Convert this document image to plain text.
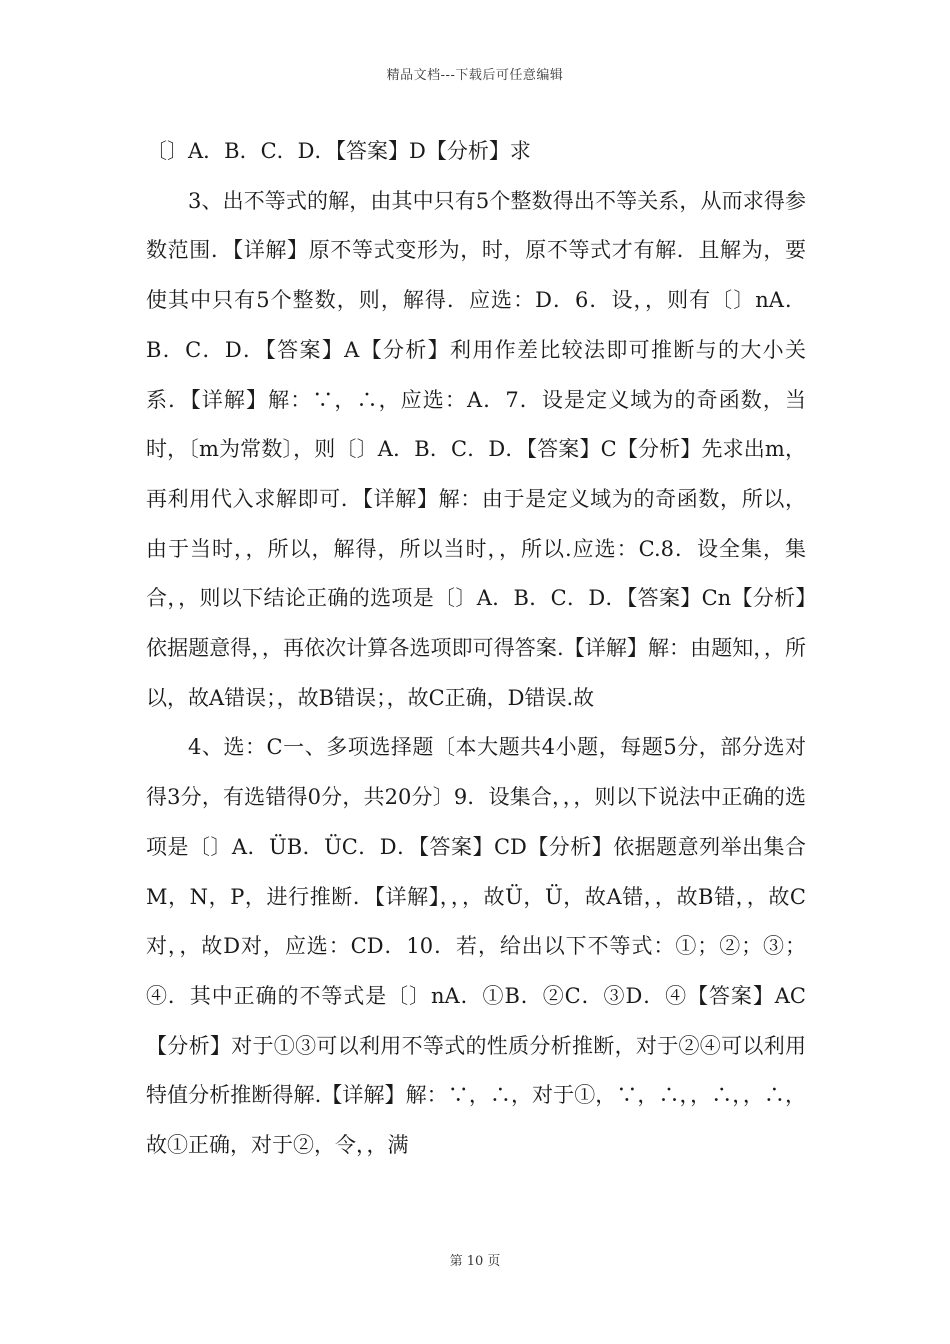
精品文档---下载后可任意编辑

〔〕A．B．C．D．【答案】D【分析】求

3、出不等式的解，由其中只有5个整数得出不等关系，从而求得参数范围．【详解】原不等式变形为，时，原不等式才有解．且解为，要使其中只有5个整数，则，解得．应选：D．6．设，，则有〔〕nA．B．C．D．【答案】A【分析】利用作差比较法即可推断与的大小关系．【详解】解：∵，∴，应选：A．7．设是定义域为的奇函数，当时，〔m为常数〕，则〔〕A．B．C．D．【答案】C【分析】先求出m，再利用代入求解即可．【详解】解：由于是定义域为的奇函数，所以，由于当时，，所以，解得，所以当时，，所以.应选：C.8．设全集，集合，，则以下结论正确的选项是〔〕A．B．C．D．【答案】Cn【分析】依据题意得，，再依次计算各选项即可得答案.【详解】解：由题知，，所以，故A错误；，故B错误；，故C正确，D错误.故

4、选：C一、多项选择题〔本大题共4小题，每题5分，部分选对得3分，有选错得0分，共20分〕9．设集合，，，则以下说法中正确的选项是〔〕A．ÜB．ÜC．D．【答案】CD【分析】依据题意列举出集合M，N，P，进行推断．【详解】，，，故Ü，Ü，故A错，，故B错，，故C对，，故D对，应选：CD．10．若，给出以下不等式：①；②；③；④．其中正确的不等式是〔〕nA．①B．②C．③D．④【答案】AC【分析】对于①③可以利用不等式的性质分析推断，对于②④可以利用特值分析推断得解.【详解】解：∵，∴，对于①，∵，∴，，∴，，∴，故①正确，对于②，令，，满

第 10 页
